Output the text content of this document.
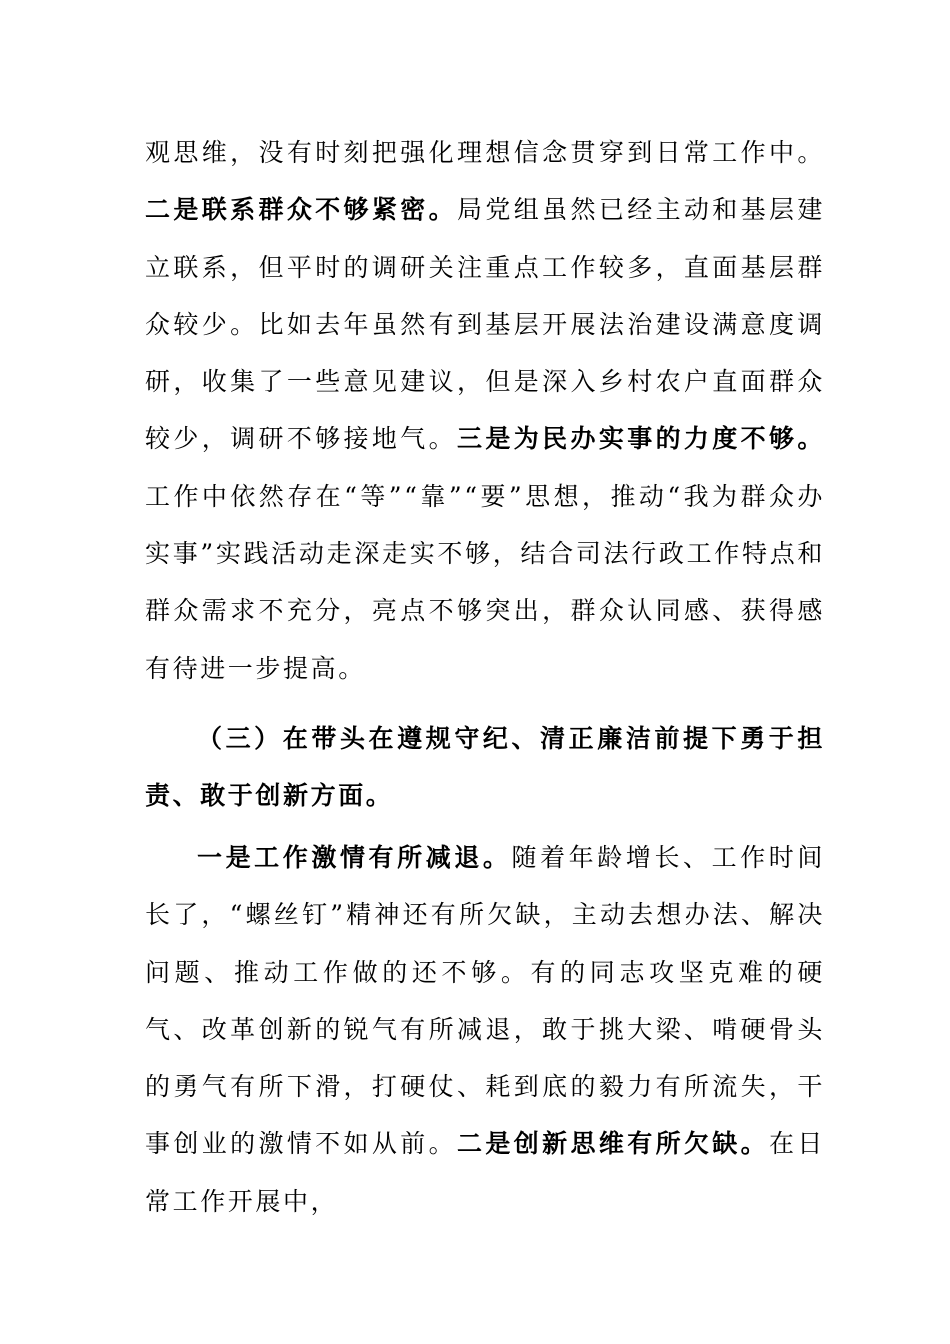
观思维，没有时刻把强化理想信念贯穿到日常工作中。二是联系群众不够紧密。局党组虽然已经主动和基层建立联系，但平时的调研关注重点工作较多，直面基层群众较少。比如去年虽然有到基层开展法治建设满意度调研，收集了一些意见建议，但是深入乡村农户直面群众较少，调研不够接地气。三是为民办实事的力度不够。工作中依然存在“等”“靠”“要”思想，推动“我为群众办实事”实践活动走深走实不够，结合司法行政工作特点和群众需求不充分，亮点不够突出，群众认同感、获得感有待进一步提高。

（三）在带头在遵规守纪、清正廉洁前提下勇于担责、敢于创新方面。

一是工作激情有所减退。随着年龄增长、工作时间长了，“螺丝钉”精神还有所欠缺，主动去想办法、解决问题、推动工作做的还不够。有的同志攻坚克难的硬气、改革创新的锐气有所减退，敢于挑大梁、啃硬骨头的勇气有所下滑，打硬仗、耗到底的毅力有所流失，干事创业的激情不如从前。二是创新思维有所欠缺。在日常工作开展中，
